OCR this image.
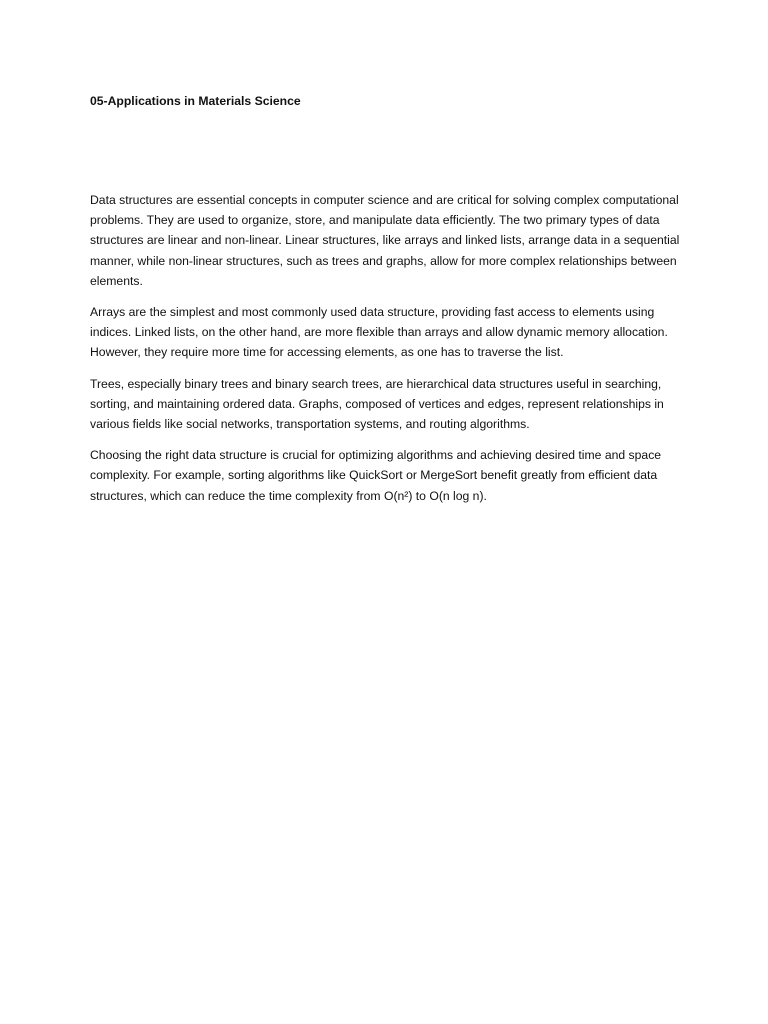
05-Applications in Materials Science

Data structures are essential concepts in computer science and are critical for solving complex computational problems. They are used to organize, store, and manipulate data efficiently. The two primary types of data structures are linear and non-linear. Linear structures, like arrays and linked lists, arrange data in a sequential manner, while non-linear structures, such as trees and graphs, allow for more complex relationships between elements.

Arrays are the simplest and most commonly used data structure, providing fast access to elements using indices. Linked lists, on the other hand, are more flexible than arrays and allow dynamic memory allocation. However, they require more time for accessing elements, as one has to traverse the list.

Trees, especially binary trees and binary search trees, are hierarchical data structures useful in searching, sorting, and maintaining ordered data. Graphs, composed of vertices and edges, represent relationships in various fields like social networks, transportation systems, and routing algorithms.

Choosing the right data structure is crucial for optimizing algorithms and achieving desired time and space complexity. For example, sorting algorithms like QuickSort or MergeSort benefit greatly from efficient data structures, which can reduce the time complexity from O(n²) to O(n log n).
